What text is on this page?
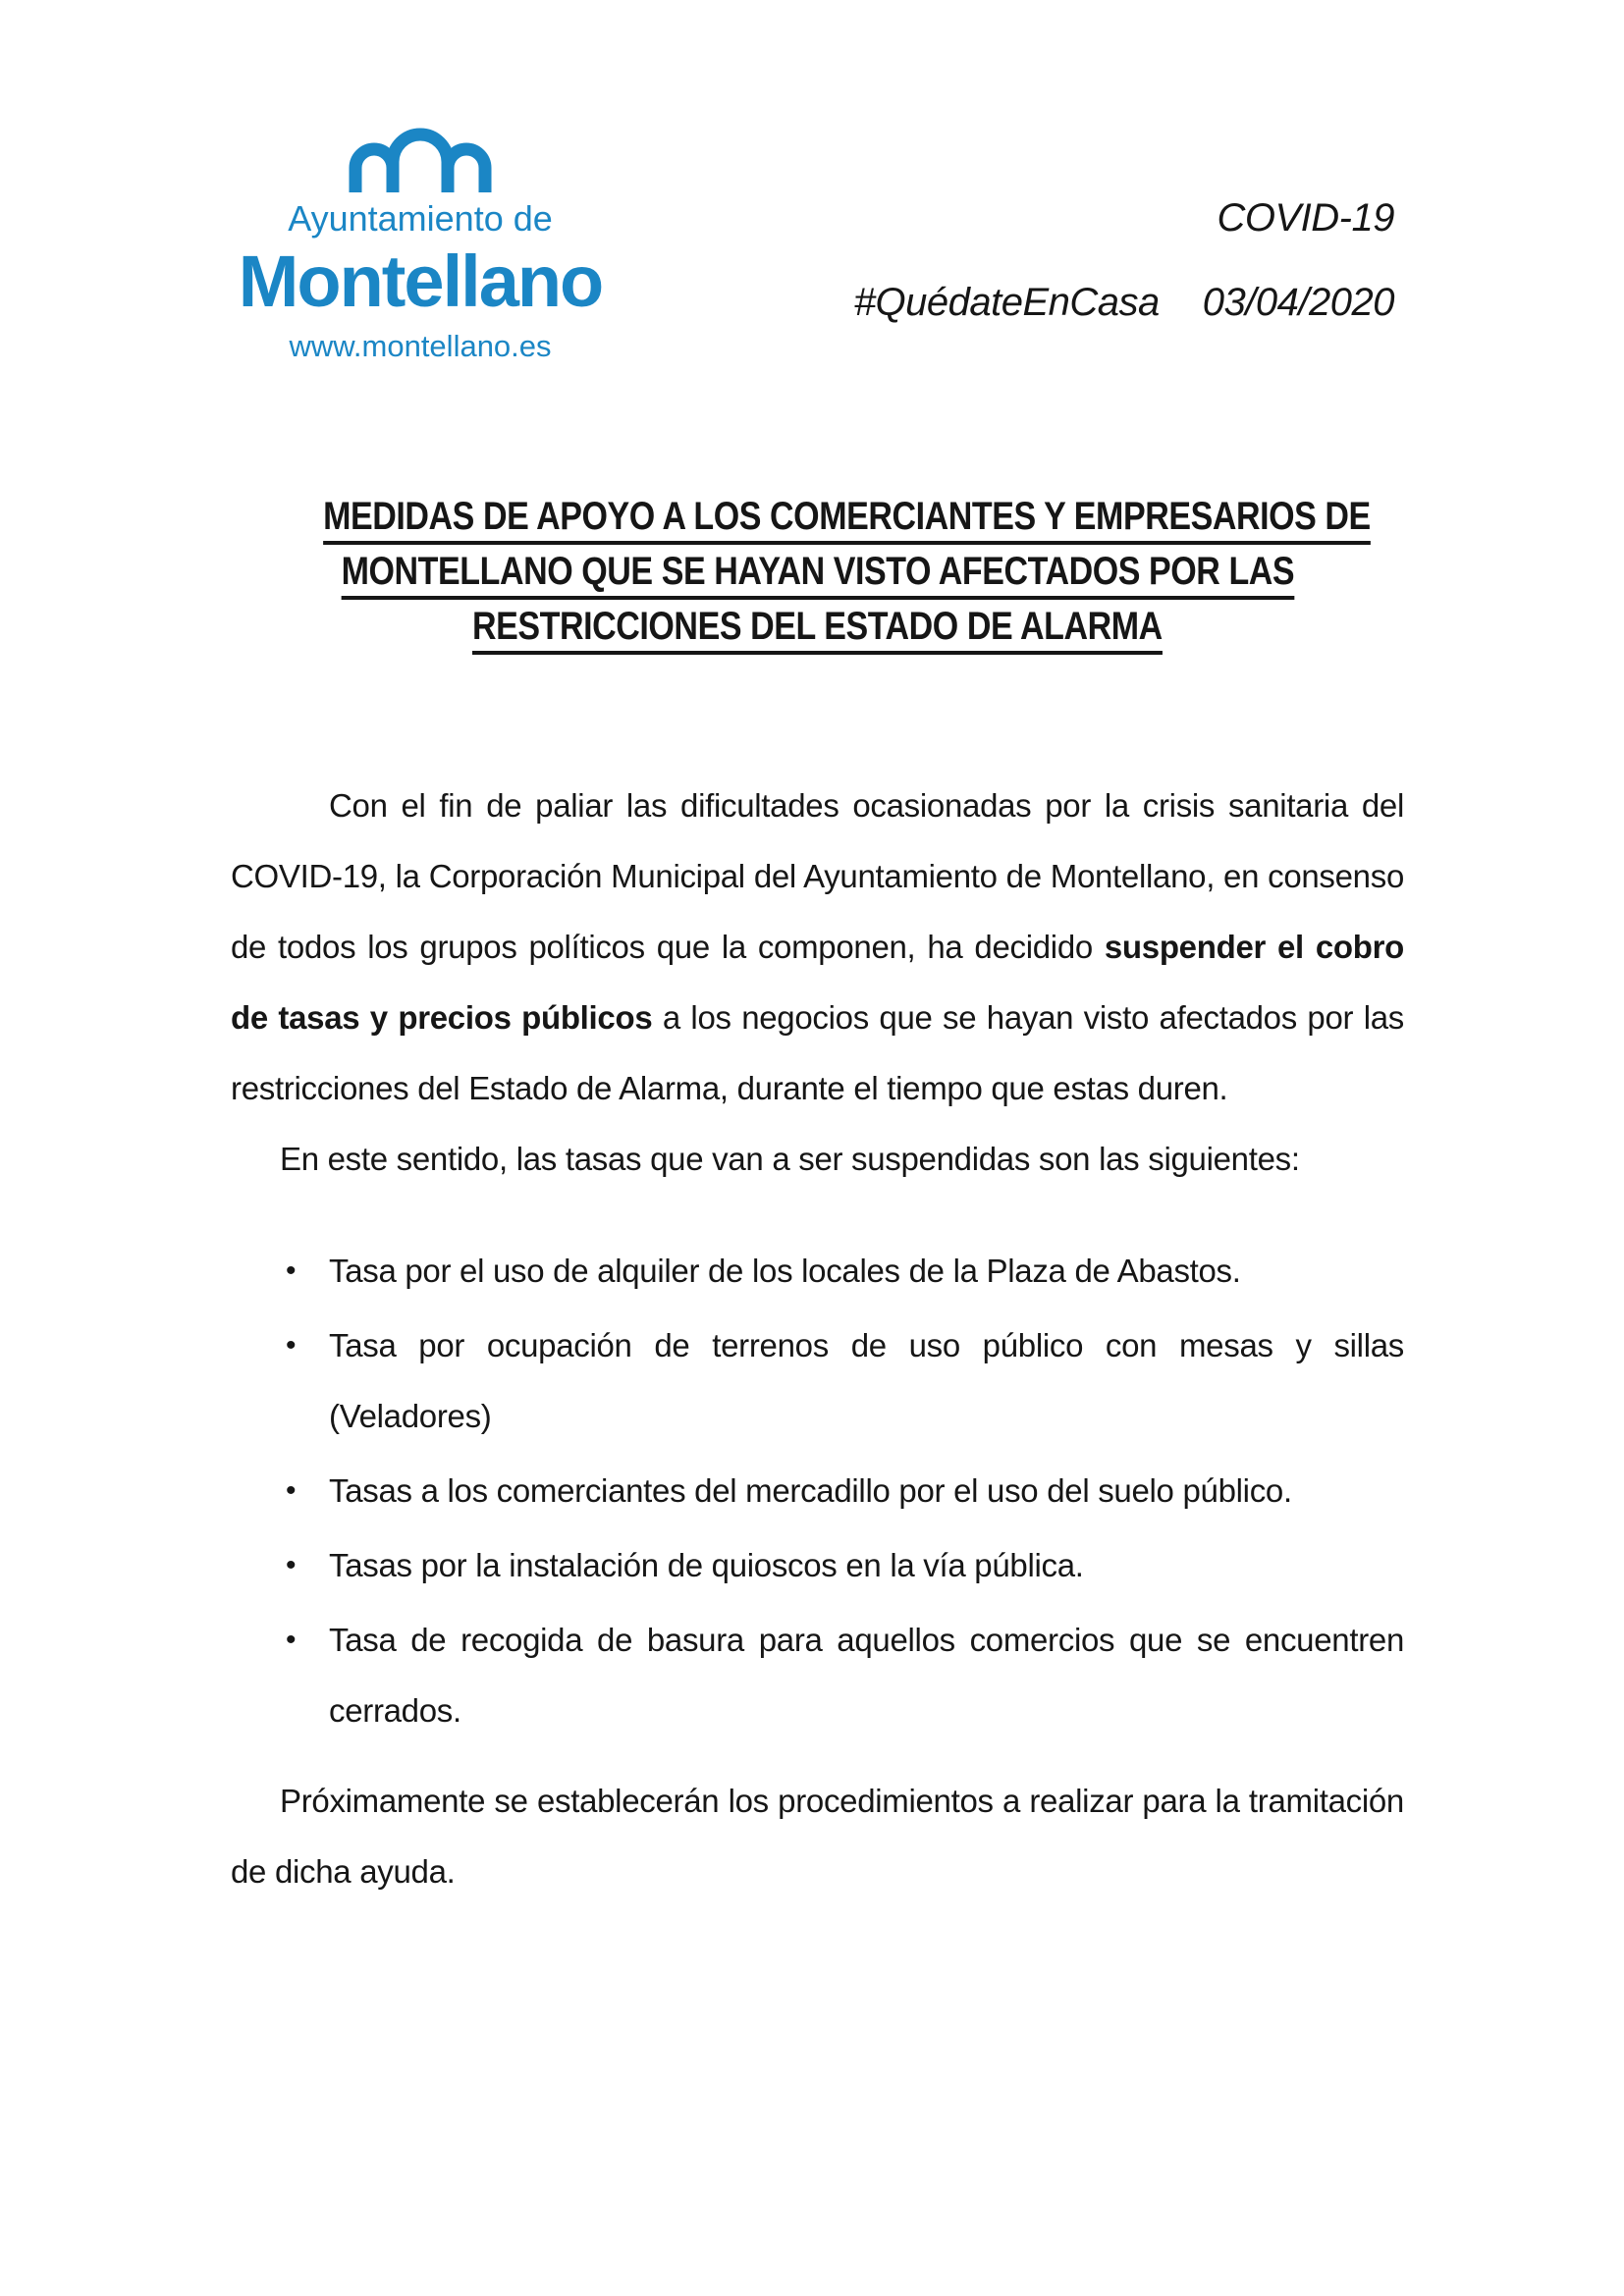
Ayuntamiento de
Montellano
www.montellano.es
COVID-19
#QuédateEnCasa 03/04/2020
MEDIDAS DE APOYO A LOS COMERCIANTES Y EMPRESARIOS DE
MONTELLANO QUE SE HAYAN VISTO AFECTADOS POR LAS
RESTRICCIONES DEL ESTADO DE ALARMA

Con el fin de paliar las dificultades ocasionadas por la crisis sanitaria del COVID-19, la Corporación Municipal del Ayuntamiento de Montellano, en consenso de todos los grupos políticos que la componen, ha decidido suspender el cobro de tasas y precios públicos a los negocios que se hayan visto afectados por las restricciones del Estado de Alarma, durante el tiempo que estas duren.

En este sentido, las tasas que van a ser suspendidas son las siguientes:

• Tasa por el uso de alquiler de los locales de la Plaza de Abastos.
• Tasa por ocupación de terrenos de uso público con mesas y sillas (Veladores)
• Tasas a los comerciantes del mercadillo por el uso del suelo público.
• Tasas por la instalación de quioscos en la vía pública.
• Tasa de recogida de basura para aquellos comercios que se encuentren cerrados.

Próximamente se establecerán los procedimientos a realizar para la tramitación de dicha ayuda.
